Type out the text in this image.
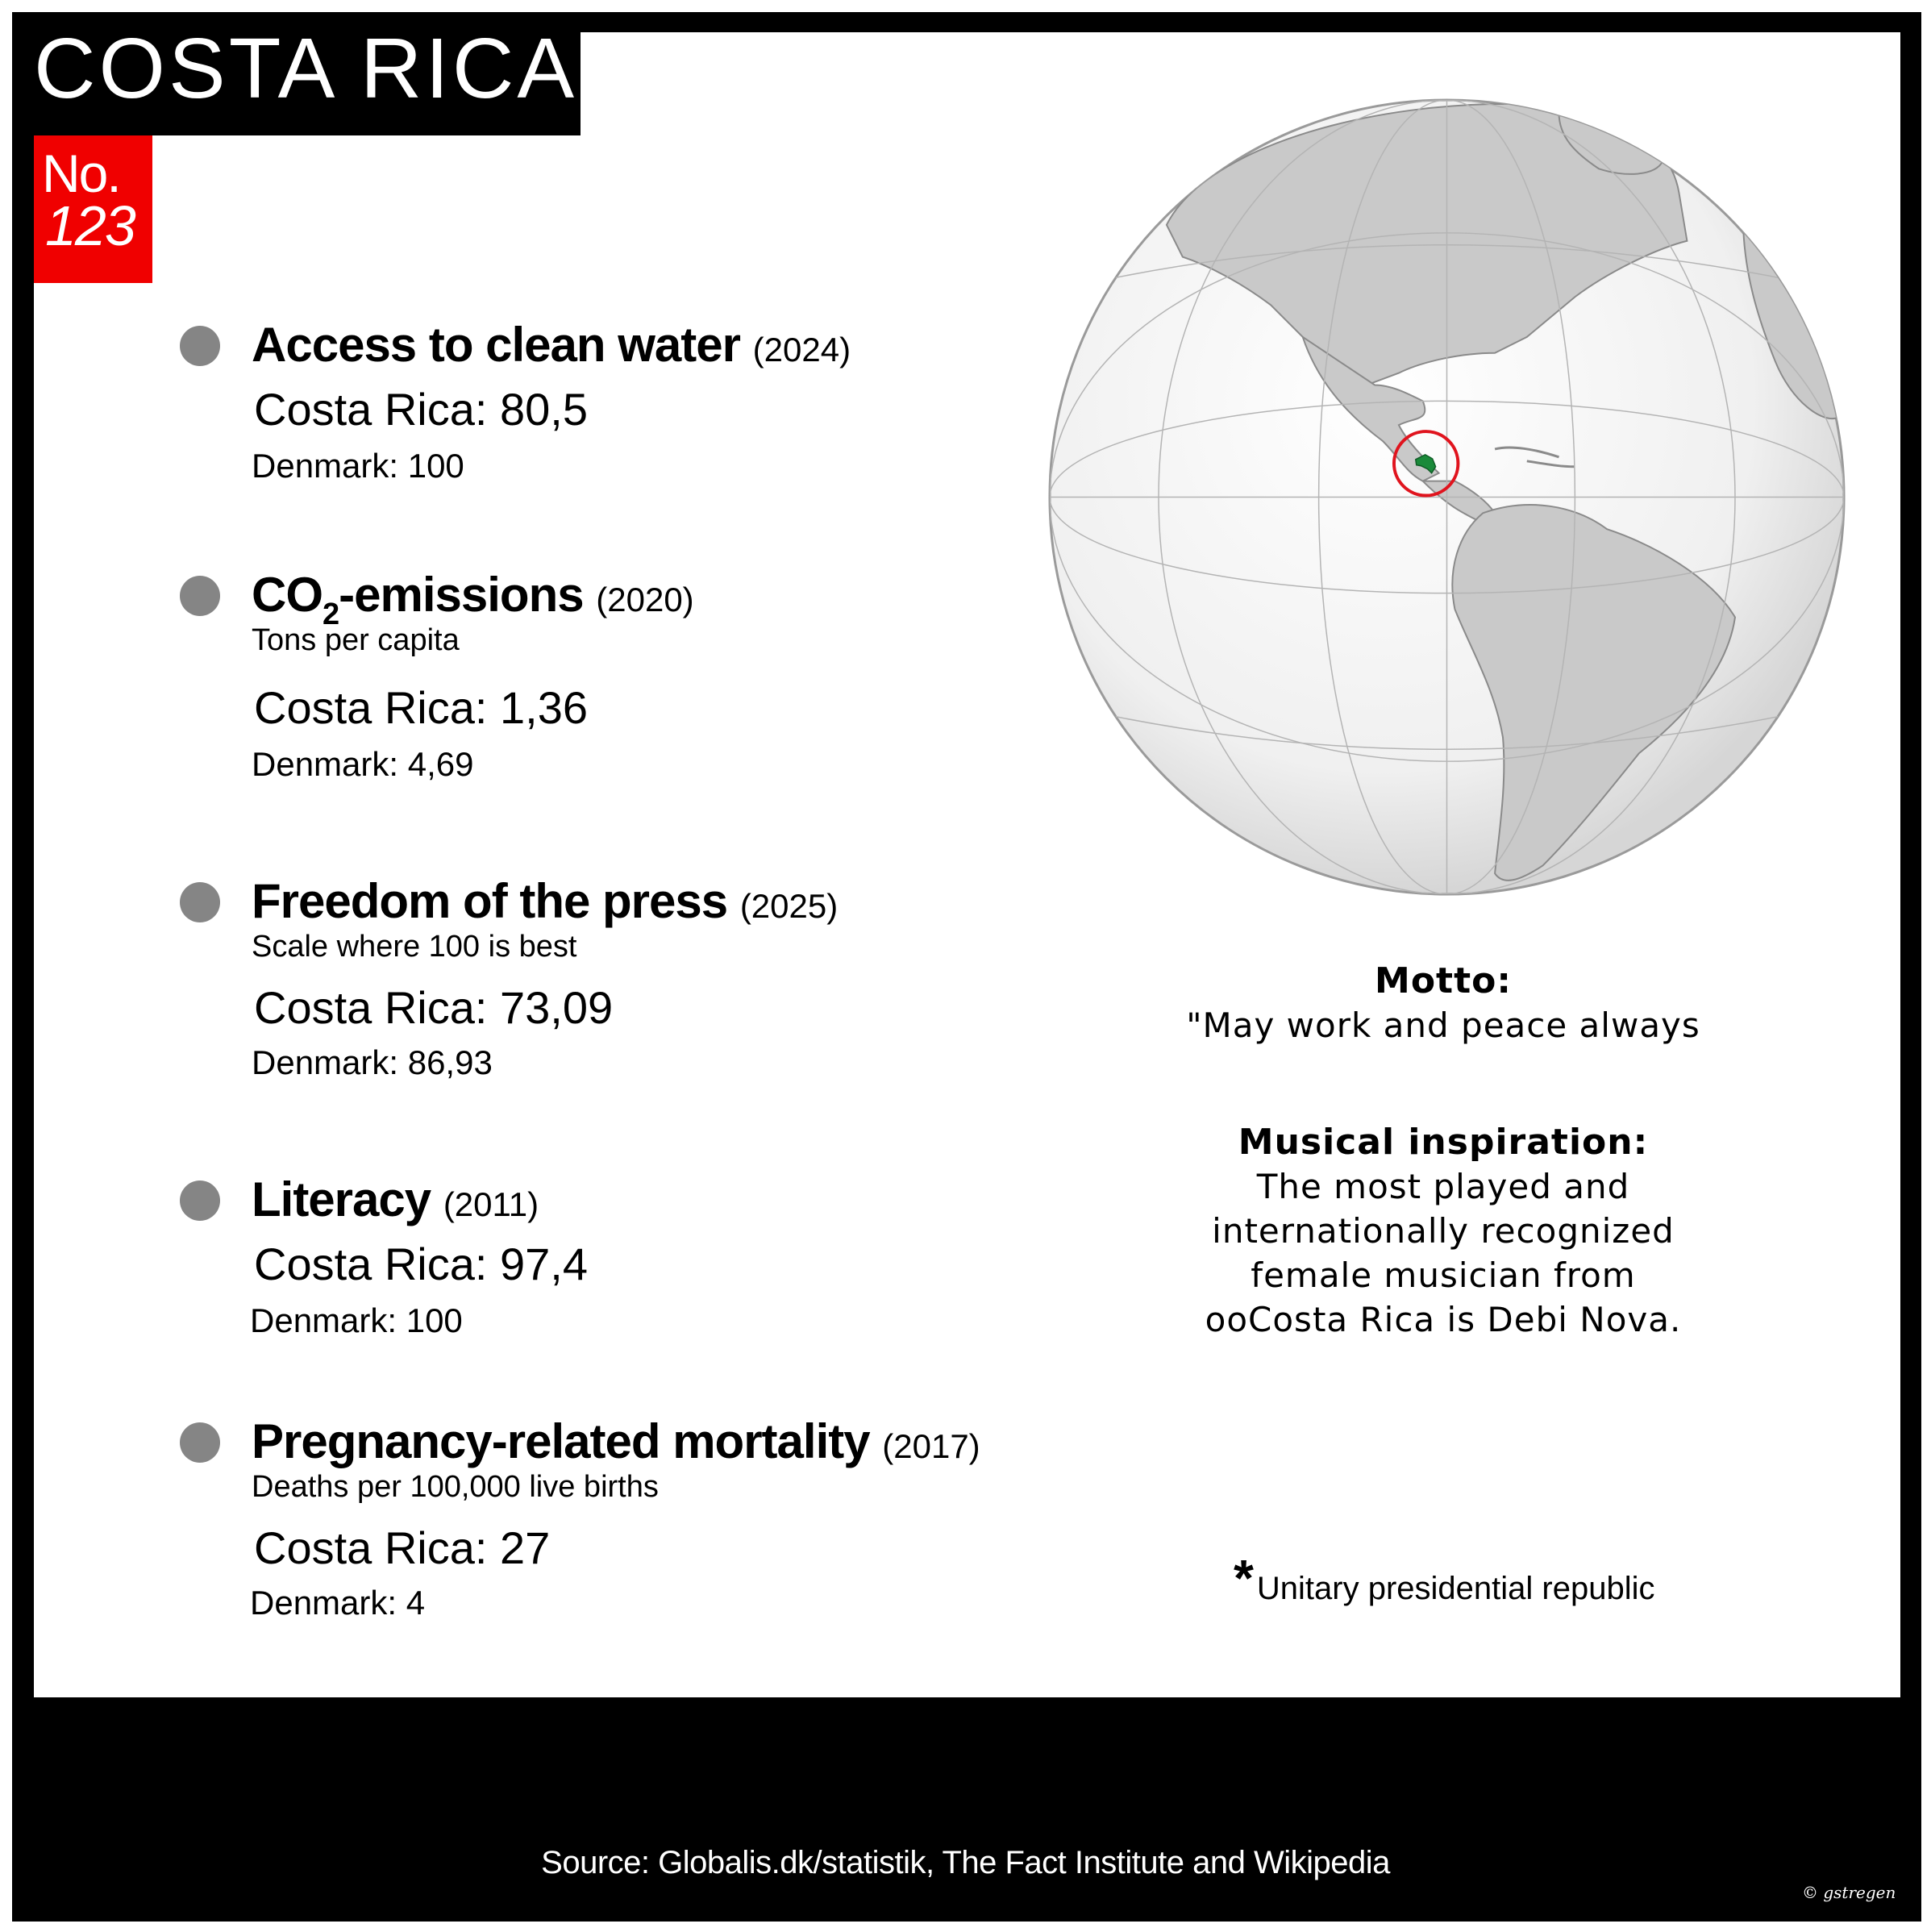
COSTA RICA
No.
123
Access to clean water (2024)
Costa Rica: 80,5
Denmark: 100
$CO_2$-emissions (2020)
Tons per capita
Costa Rica: 1,36
Denmark: 4,69
Freedom of the press (2025)
Scale where 100 is best
Costa Rica: 73,09
Denmark: 86,93
Literacy (2011)
Costa Rica: 97,4
Denmark: 100
Pregnancy-related mortality (2017)
Deaths per 100,000 live births
Costa Rica: 27
Denmark: 4
Motto:
"May work and peace always
Musical inspiration:
The most played and
internationally recognized
female musician from
ooCosta Rica is Debi Nova.
* Unitary presidential republic
Source: Globalis.dk/statistik, The Fact Institute and Wikipedia
© gstregen
